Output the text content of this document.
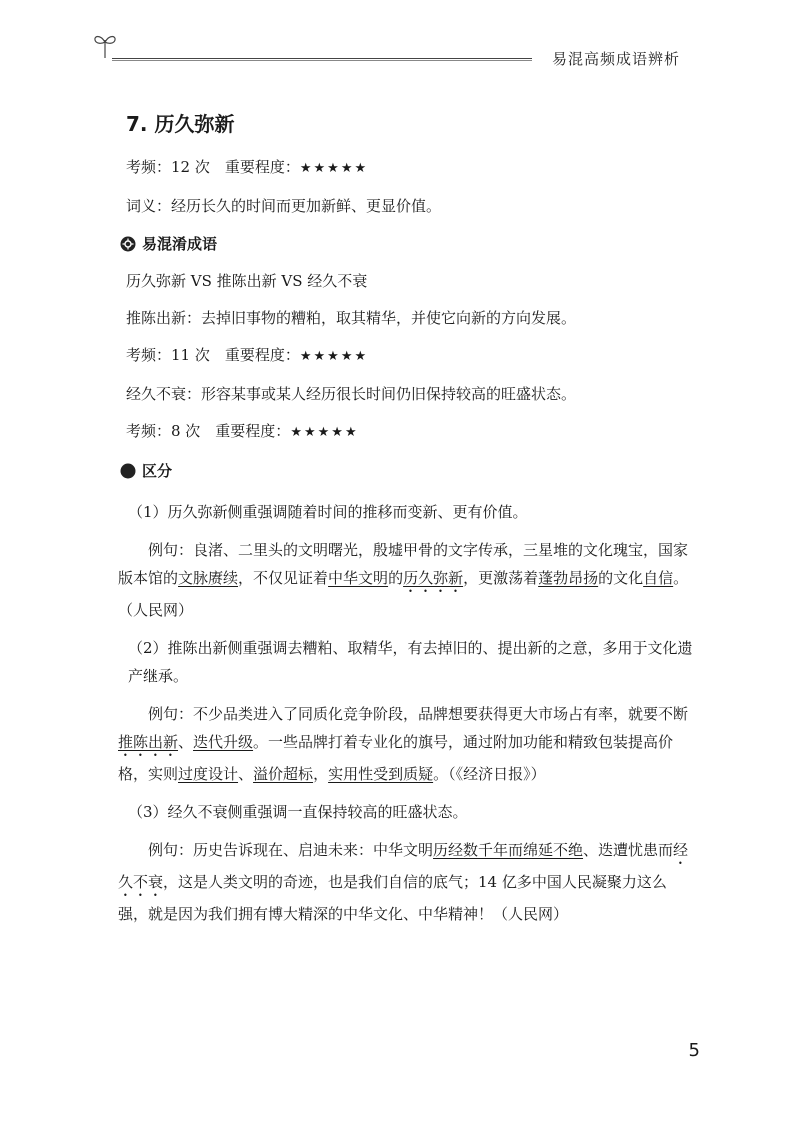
易混高频成语辨析
7. 历久弥新

考频：12 次　重要程度：★★★★★

词义：经历长久的时间而更加新鲜、更显价值。

易混淆成语

历久弥新 VS 推陈出新 VS 经久不衰

推陈出新：去掉旧事物的糟粕，取其精华，并使它向新的方向发展。

考频：11 次　重要程度：★★★★★

经久不衰：形容某事或某人经历很长时间仍旧保持较高的旺盛状态。

考频：8 次　重要程度：★★★★★

区分

（1）历久弥新侧重强调随着时间的推移而变新、更有价值。

例句：良渚、二里头的文明曙光，殷墟甲骨的文字传承，三星堆的文化瑰宝，国家版本馆的文脉赓续，不仅见证着中华文明的历久弥新，更激荡着蓬勃昂扬的文化自信。（人民网）

（2）推陈出新侧重强调去糟粕、取精华，有去掉旧的、提出新的之意，多用于文化遗产继承。

例句：不少品类进入了同质化竞争阶段，品牌想要获得更大市场占有率，就要不断推陈出新、迭代升级。一些品牌打着专业化的旗号，通过附加功能和精致包装提高价格，实则过度设计、溢价超标，实用性受到质疑。（《经济日报》）

（3）经久不衰侧重强调一直保持较高的旺盛状态。

例句：历史告诉现在、启迪未来：中华文明历经数千年而绵延不绝、迭遭忧患而经久不衰，这是人类文明的奇迹，也是我们自信的底气；14 亿多中国人民凝聚力这么强，就是因为我们拥有博大精深的中华文化、中华精神！（人民网）

5
